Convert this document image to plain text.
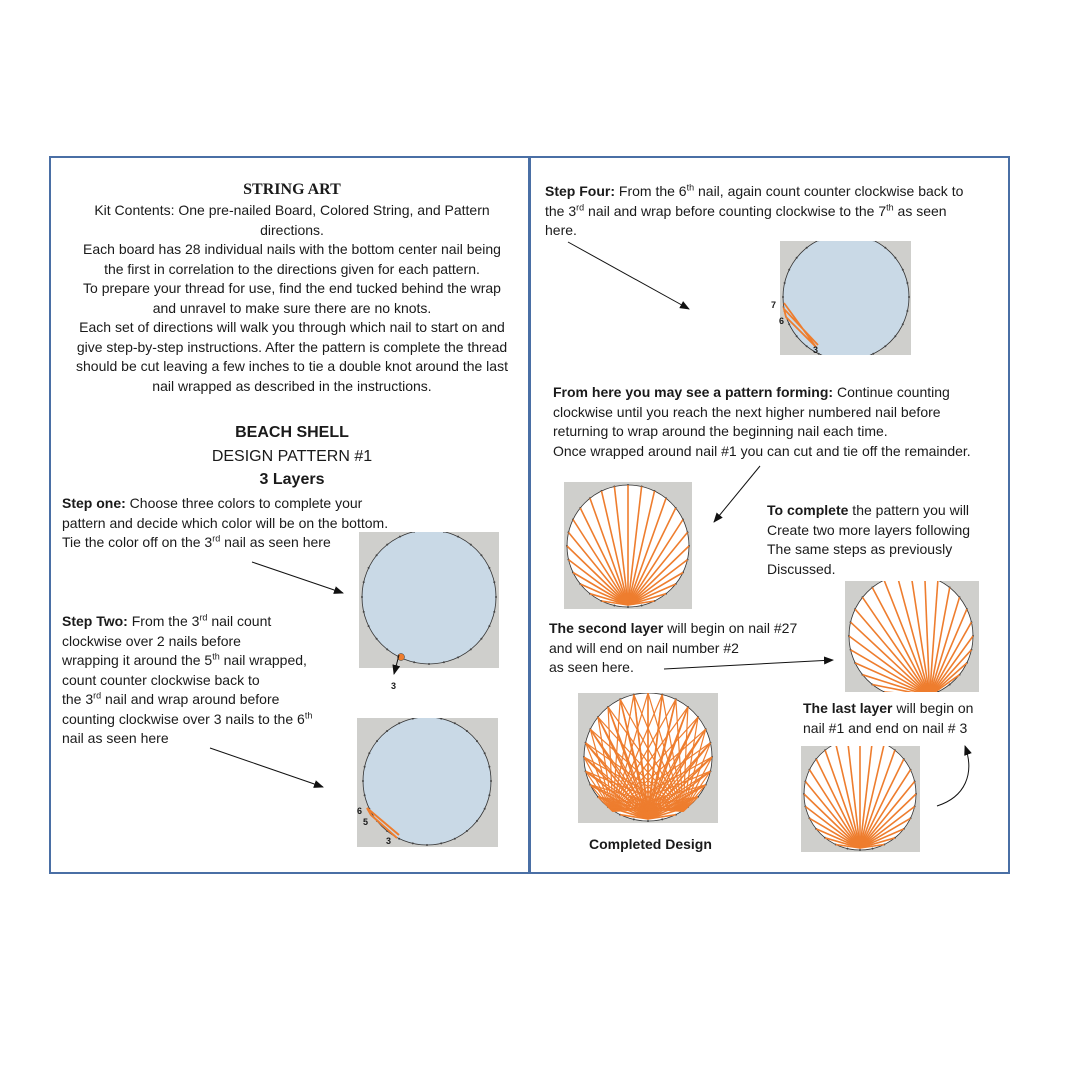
STRING ART
Kit Contents: One pre-nailed Board, Colored String, and Pattern
directions.
Each board has 28 individual nails with the bottom center nail being
the first in correlation to the directions given for each pattern.
To prepare your thread for use, find the end tucked behind the wrap
and unravel to make sure there are no knots.
Each set of directions will walk you through which nail to start on and
give step-by-step instructions. After the pattern is complete the thread
should be cut leaving a few inches to tie a double knot around the last
nail wrapped as described in the instructions.
BEACH SHELL
DESIGN PATTERN #1
3 Layers
Step one: Choose three colors to complete your
pattern and decide which color will be on the bottom.
Tie the color off on the 3rd nail as seen here
Step Two: From the 3rd nail count
clockwise over 2 nails before
wrapping it around the 5th nail wrapped,
count counter clockwise back to
the 3rd nail and wrap around before
counting clockwise over 3 nails to the 6th
nail as seen here
3
6
5
3
Step Four: From the 6th nail, again count counter clockwise back to
the 3rd nail and wrap before counting clockwise to the 7th as seen
here.
7
6
3
From here you may see a pattern forming: Continue counting
clockwise until you reach the next higher numbered nail before
returning to wrap around the beginning nail each time.
Once wrapped around nail #1 you can cut and tie off the remainder.
To complete the pattern you will
Create two more layers following
The same steps as previously
Discussed.
The second layer will begin on nail #27
and will end on nail number #2
as seen here.
Completed Design
The last layer will begin on
nail #1 and end on nail # 3
